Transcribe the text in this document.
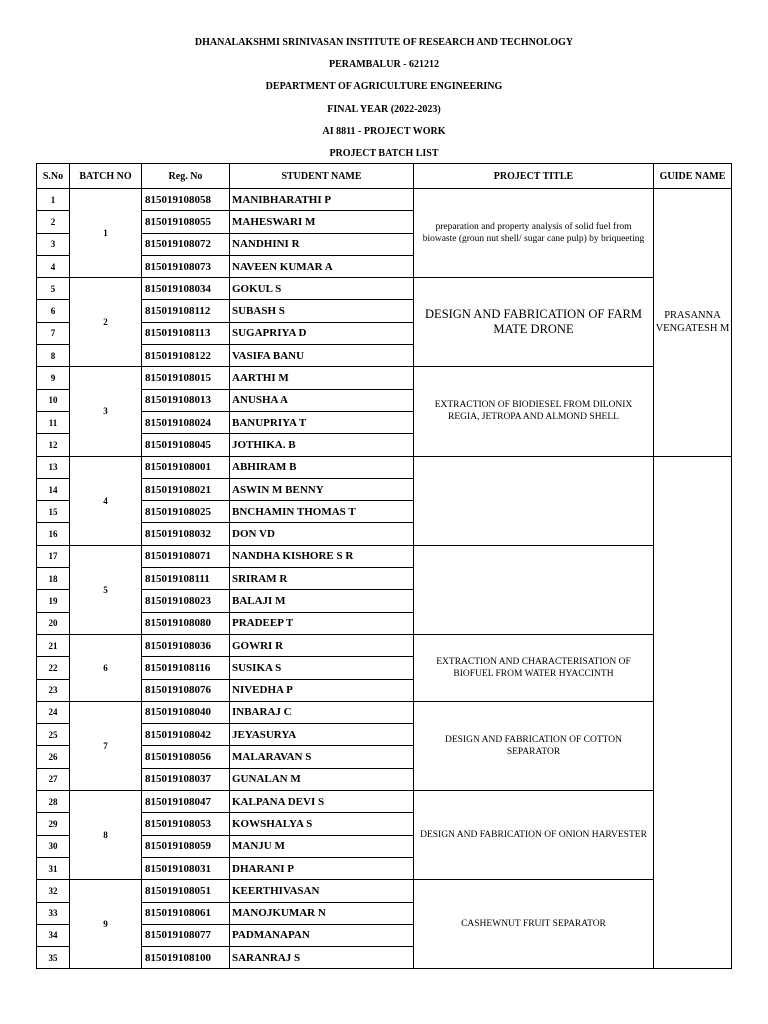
DHANALAKSHMI SRINIVASAN INSTITUTE OF RESEARCH AND TECHNOLOGY
PERAMBALUR - 621212
DEPARTMENT OF AGRICULTURE ENGINEERING
FINAL YEAR (2022-2023)
AI 8811 - PROJECT WORK
PROJECT BATCH LIST
S.No	BATCH NO	Reg. No	STUDENT NAME	PROJECT TITLE	GUIDE NAME
1	1	815019108058	MANIBHARATHI P	preparation and property analysis of solid fuel from biowaste (groun nut shell/ sugar cane pulp) by briqueeting	PRASANNA VENGATESH M
2		815019108055	MAHESWARI M		
3		815019108072	NANDHINI R		
4		815019108073	NAVEEN KUMAR A		
5	2	815019108034	GOKUL S	DESIGN AND FABRICATION OF FARM MATE DRONE	
6		815019108112	SUBASH S		
7		815019108113	SUGAPRIYA D		
8		815019108122	VASIFA BANU		
9	3	815019108015	AARTHI M	EXTRACTION OF BIODIESEL FROM DILONIX REGIA, JETROPA AND ALMOND SHELL	
10		815019108013	ANUSHA A		
11		815019108024	BANUPRIYA T		
12		815019108045	JOTHIKA. B		
13	4	815019108001	ABHIRAM B		
14		815019108021	ASWIN M BENNY		
15		815019108025	BNCHAMIN THOMAS T		
16		815019108032	DON VD		
17	5	815019108071	NANDHA KISHORE S R		
18		815019108111	SRIRAM R		
19		815019108023	BALAJI M		
20		815019108080	PRADEEP T		
21	6	815019108036	GOWRI R	EXTRACTION AND CHARACTERISATION OF BIOFUEL FROM WATER HYACCINTH	
22		815019108116	SUSIKA S		
23		815019108076	NIVEDHA P		
24	7	815019108040	INBARAJ C	DESIGN AND FABRICATION OF COTTON SEPARATOR	
25		815019108042	JEYASURYA		
26		815019108056	MALARAVAN S		
27		815019108037	GUNALAN M		
28	8	815019108047	KALPANA DEVI S	DESIGN AND FABRICATION OF ONION HARVESTER	
29		815019108053	KOWSHALYA S		
30		815019108059	MANJU M		
31		815019108031	DHARANI P		
32	9	815019108051	KEERTHIVASAN	CASHEWNUT FRUIT SEPARATOR	
33		815019108061	MANOJKUMAR N		
34		815019108077	PADMANAPAN		
35		815019108100	SARANRAJ S		
